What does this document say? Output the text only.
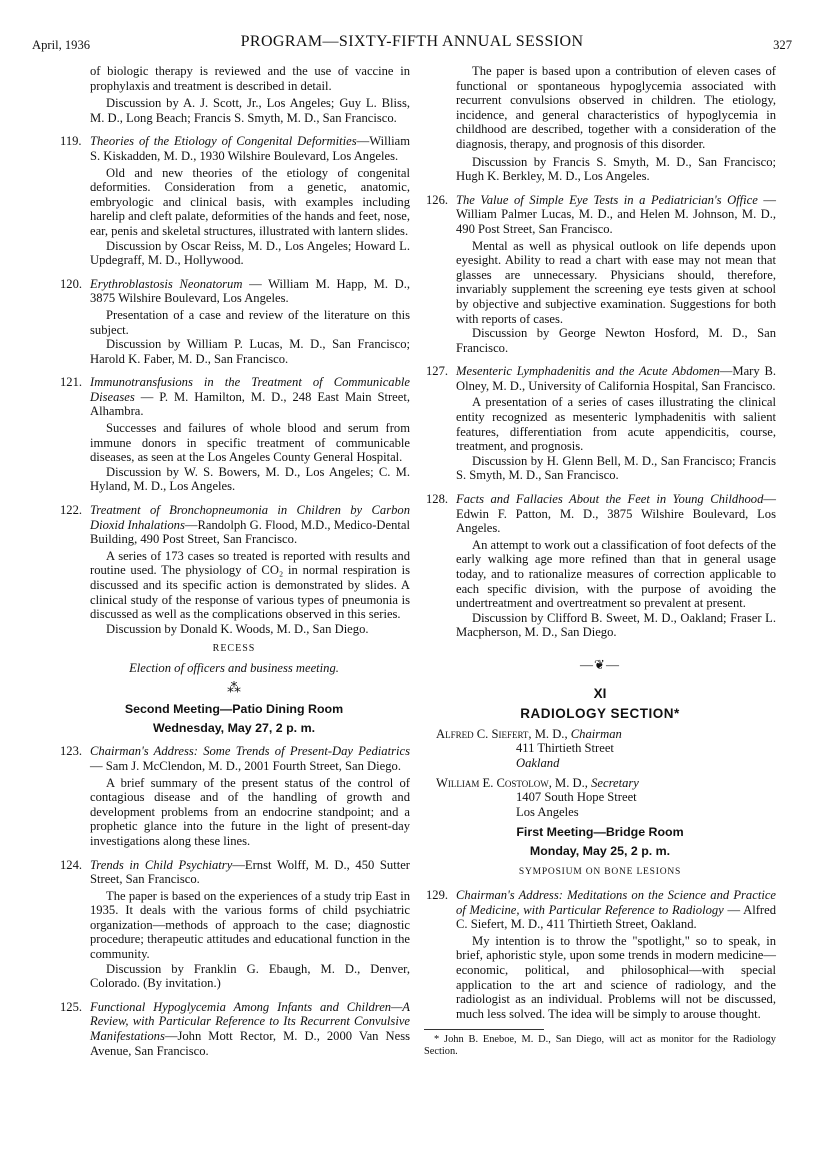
April, 1936	PROGRAM—SIXTY-FIFTH ANNUAL SESSION	327

of biologic therapy is reviewed and the use of vaccine in prophylaxis and treatment is described in detail.

Discussion by A. J. Scott, Jr., Los Angeles; Guy L. Bliss, M. D., Long Beach; Francis S. Smyth, M. D., San Francisco.

119. Theories of the Etiology of Congenital Deformities—William S. Kiskadden, M. D., 1930 Wilshire Boulevard, Los Angeles.

Old and new theories of the etiology of congenital deformities. Consideration from a genetic, anatomic, embryologic and clinical basis, with examples including harelip and cleft palate, deformities of the hands and feet, nose, ear, penis and skeletal structures, illustrated with lantern slides.

Discussion by Oscar Reiss, M. D., Los Angeles; Howard L. Updegraff, M. D., Hollywood.

120. Erythroblastosis Neonatorum — William M. Happ, M. D., 3875 Wilshire Boulevard, Los Angeles.

Presentation of a case and review of the literature on this subject.

Discussion by William P. Lucas, M. D., San Francisco; Harold K. Faber, M. D., San Francisco.

121. Immunotransfusions in the Treatment of Communicable Diseases — P. M. Hamilton, M. D., 248 East Main Street, Alhambra.

Successes and failures of whole blood and serum from immune donors in specific treatment of communicable diseases, as seen at the Los Angeles County General Hospital.

Discussion by W. S. Bowers, M. D., Los Angeles; C. M. Hyland, M. D., Los Angeles.

122. Treatment of Bronchopneumonia in Children by Carbon Dioxid Inhalations—Randolph G. Flood, M.D., Medico-Dental Building, 490 Post Street, San Francisco.

A series of 173 cases so treated is reported with results and routine used. The physiology of CO₂ in normal respiration is discussed and its specific action is demonstrated by slides. A clinical study of the response of various types of pneumonia is discussed as well as the complications observed in this series.

Discussion by Donald K. Woods, M. D., San Diego.

RECESS
Election of officers and business meeting.
⁂
Second Meeting—Patio Dining Room
Wednesday, May 27, 2 p. m.
123. Chairman's Address: Some Trends of Present-Day Pediatrics — Sam J. McClendon, M. D., 2001 Fourth Street, San Diego.

A brief summary of the present status of the control of contagious disease and of the handling of growth and development problems from an endocrine standpoint; and a prophetic glance into the future in the light of present-day investigations along these lines.

124. Trends in Child Psychiatry—Ernst Wolff, M. D., 450 Sutter Street, San Francisco.

The paper is based on the experiences of a study trip East in 1935. It deals with the various forms of child psychiatric organization—methods of approach to the case; diagnostic procedure; therapeutic attitudes and educational function in the community.

Discussion by Franklin G. Ebaugh, M. D., Denver, Colorado. (By invitation.)

125. Functional Hypoglycemia Among Infants and Children—A Review, with Particular Reference to Its Recurrent Convulsive Manifestations—John Mott Rector, M. D., 2000 Van Ness Avenue, San Francisco.

The paper is based upon a contribution of eleven cases of functional or spontaneous hypoglycemia associated with recurrent convulsions observed in children. The etiology, incidence, and general characteristics of hypoglycemia in childhood are described, together with a consideration of the diagnosis, therapy, and prognosis of this disorder.

Discussion by Francis S. Smyth, M. D., San Francisco; Hugh K. Berkley, M. D., Los Angeles.

126. The Value of Simple Eye Tests in a Pediatrician's Office — William Palmer Lucas, M. D., and Helen M. Johnson, M. D., 490 Post Street, San Francisco.

Mental as well as physical outlook on life depends upon eyesight. Ability to read a chart with ease may not mean that glasses are unnecessary. Physicians should, therefore, invariably supplement the screening eye tests given at school by objective and subjective examination. Suggestions for both with reports of cases.

Discussion by George Newton Hosford, M. D., San Francisco.

127. Mesenteric Lymphadenitis and the Acute Abdomen—Mary B. Olney, M. D., University of California Hospital, San Francisco.

A presentation of a series of cases illustrating the clinical entity recognized as mesenteric lymphadenitis with salient features, differentiation from acute appendicitis, course, treatment, and prognosis.

Discussion by H. Glenn Bell, M. D., San Francisco; Francis S. Smyth, M. D., San Francisco.

128. Facts and Fallacies About the Feet in Young Childhood—Edwin F. Patton, M. D., 3875 Wilshire Boulevard, Los Angeles.

An attempt to work out a classification of foot defects of the early walking age more refined than that in general usage today, and to rationalize measures of correction applicable to each specific division, with the purpose of avoiding the undertreatment and overtreatment so prevalent at present.

Discussion by Clifford B. Sweet, M. D., Oakland; Fraser L. Macpherson, M. D., San Diego.

—❦—
XI
RADIOLOGY SECTION*
Alfred C. Siefert, M. D., Chairman
411 Thirtieth Street
Oakland
William E. Costolow, M. D., Secretary
1407 South Hope Street
Los Angeles
First Meeting—Bridge Room
Monday, May 25, 2 p. m.
SYMPOSIUM ON BONE LESIONS
129. Chairman's Address: Meditations on the Science and Practice of Medicine, with Particular Reference to Radiology — Alfred C. Siefert, M. D., 411 Thirtieth Street, Oakland.

My intention is to throw the "spotlight," so to speak, in brief, aphoristic style, upon some trends in modern medicine—economic, political, and philosophical—with special application to the art and science of radiology, and the radiologist as an individual. Problems will not be discussed, much less solved. The idea will be simply to arouse thought.

* John B. Eneboe, M. D., San Diego, will act as monitor for the Radiology Section.
